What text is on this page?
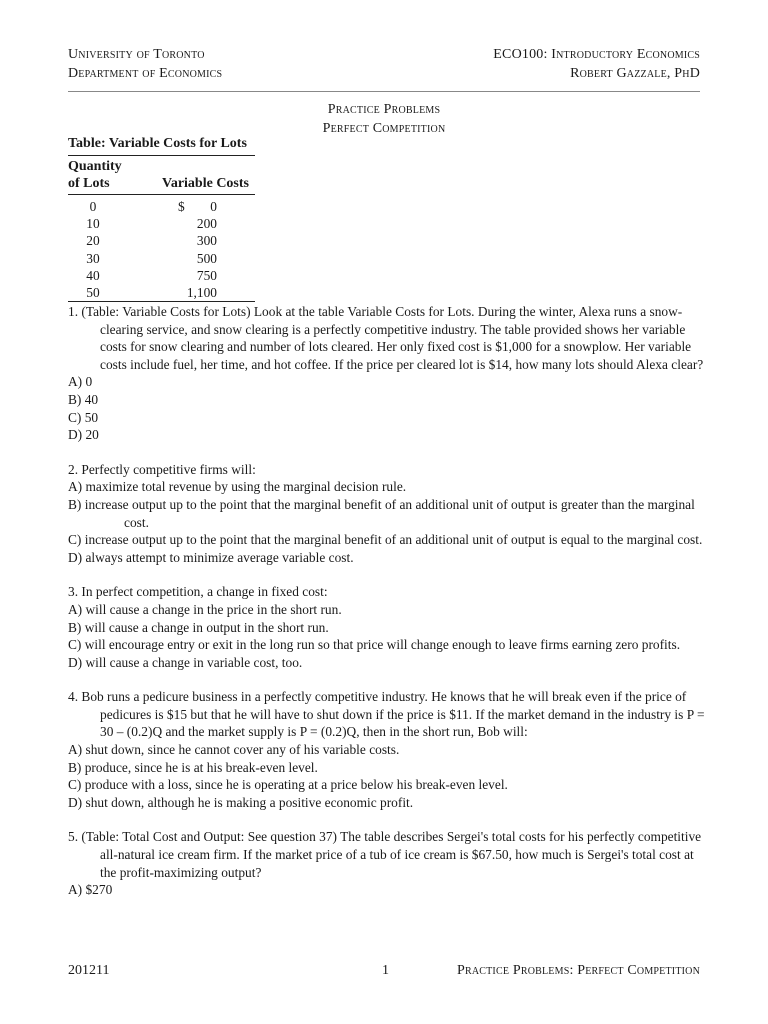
University of Toronto
Department of Economics
ECO100: Introductory Economics
Robert Gazzale, PhD
Practice Problems
Perfect Competition
Table: Variable Costs for Lots
Quantity
of Lots	Variable Costs
0	$ 0
10	200
20	300
30	500
40	750
50	1,100

1. (Table: Variable Costs for Lots) Look at the table Variable Costs for Lots. During the winter, Alexa runs a snow-clearing service, and snow clearing is a perfectly competitive industry. The table provided shows her variable costs for snow clearing and number of lots cleared. Her only fixed cost is $1,000 for a snowplow. Her variable costs include fuel, her time, and hot coffee. If the price per cleared lot is $14, how many lots should Alexa clear?

A) 0

B) 40

C) 50

D) 20

2. Perfectly competitive firms will:

A) maximize total revenue by using the marginal decision rule.

B) increase output up to the point that the marginal benefit of an additional unit of output is greater than the marginal cost.

C) increase output up to the point that the marginal benefit of an additional unit of output is equal to the marginal cost.

D) always attempt to minimize average variable cost.

3. In perfect competition, a change in fixed cost:

A) will cause a change in the price in the short run.

B) will cause a change in output in the short run.

C) will encourage entry or exit in the long run so that price will change enough to leave firms earning zero profits.

D) will cause a change in variable cost, too.

4. Bob runs a pedicure business in a perfectly competitive industry. He knows that he will break even if the price of pedicures is $15 but that he will have to shut down if the price is $11. If the market demand in the industry is P = 30 – (0.2)Q and the market supply is P = (0.2)Q, then in the short run, Bob will:

A) shut down, since he cannot cover any of his variable costs.

B) produce, since he is at his break-even level.

C) produce with a loss, since he is operating at a price below his break-even level.

D) shut down, although he is making a positive economic profit.

5. (Table: Total Cost and Output: See question 37) The table describes Sergei's total costs for his perfectly competitive all-natural ice cream firm. If the market price of a tub of ice cream is $67.50, how much is Sergei's total cost at the profit-maximizing output?

A) $270

201211	1	Practice Problems: Perfect Competition
